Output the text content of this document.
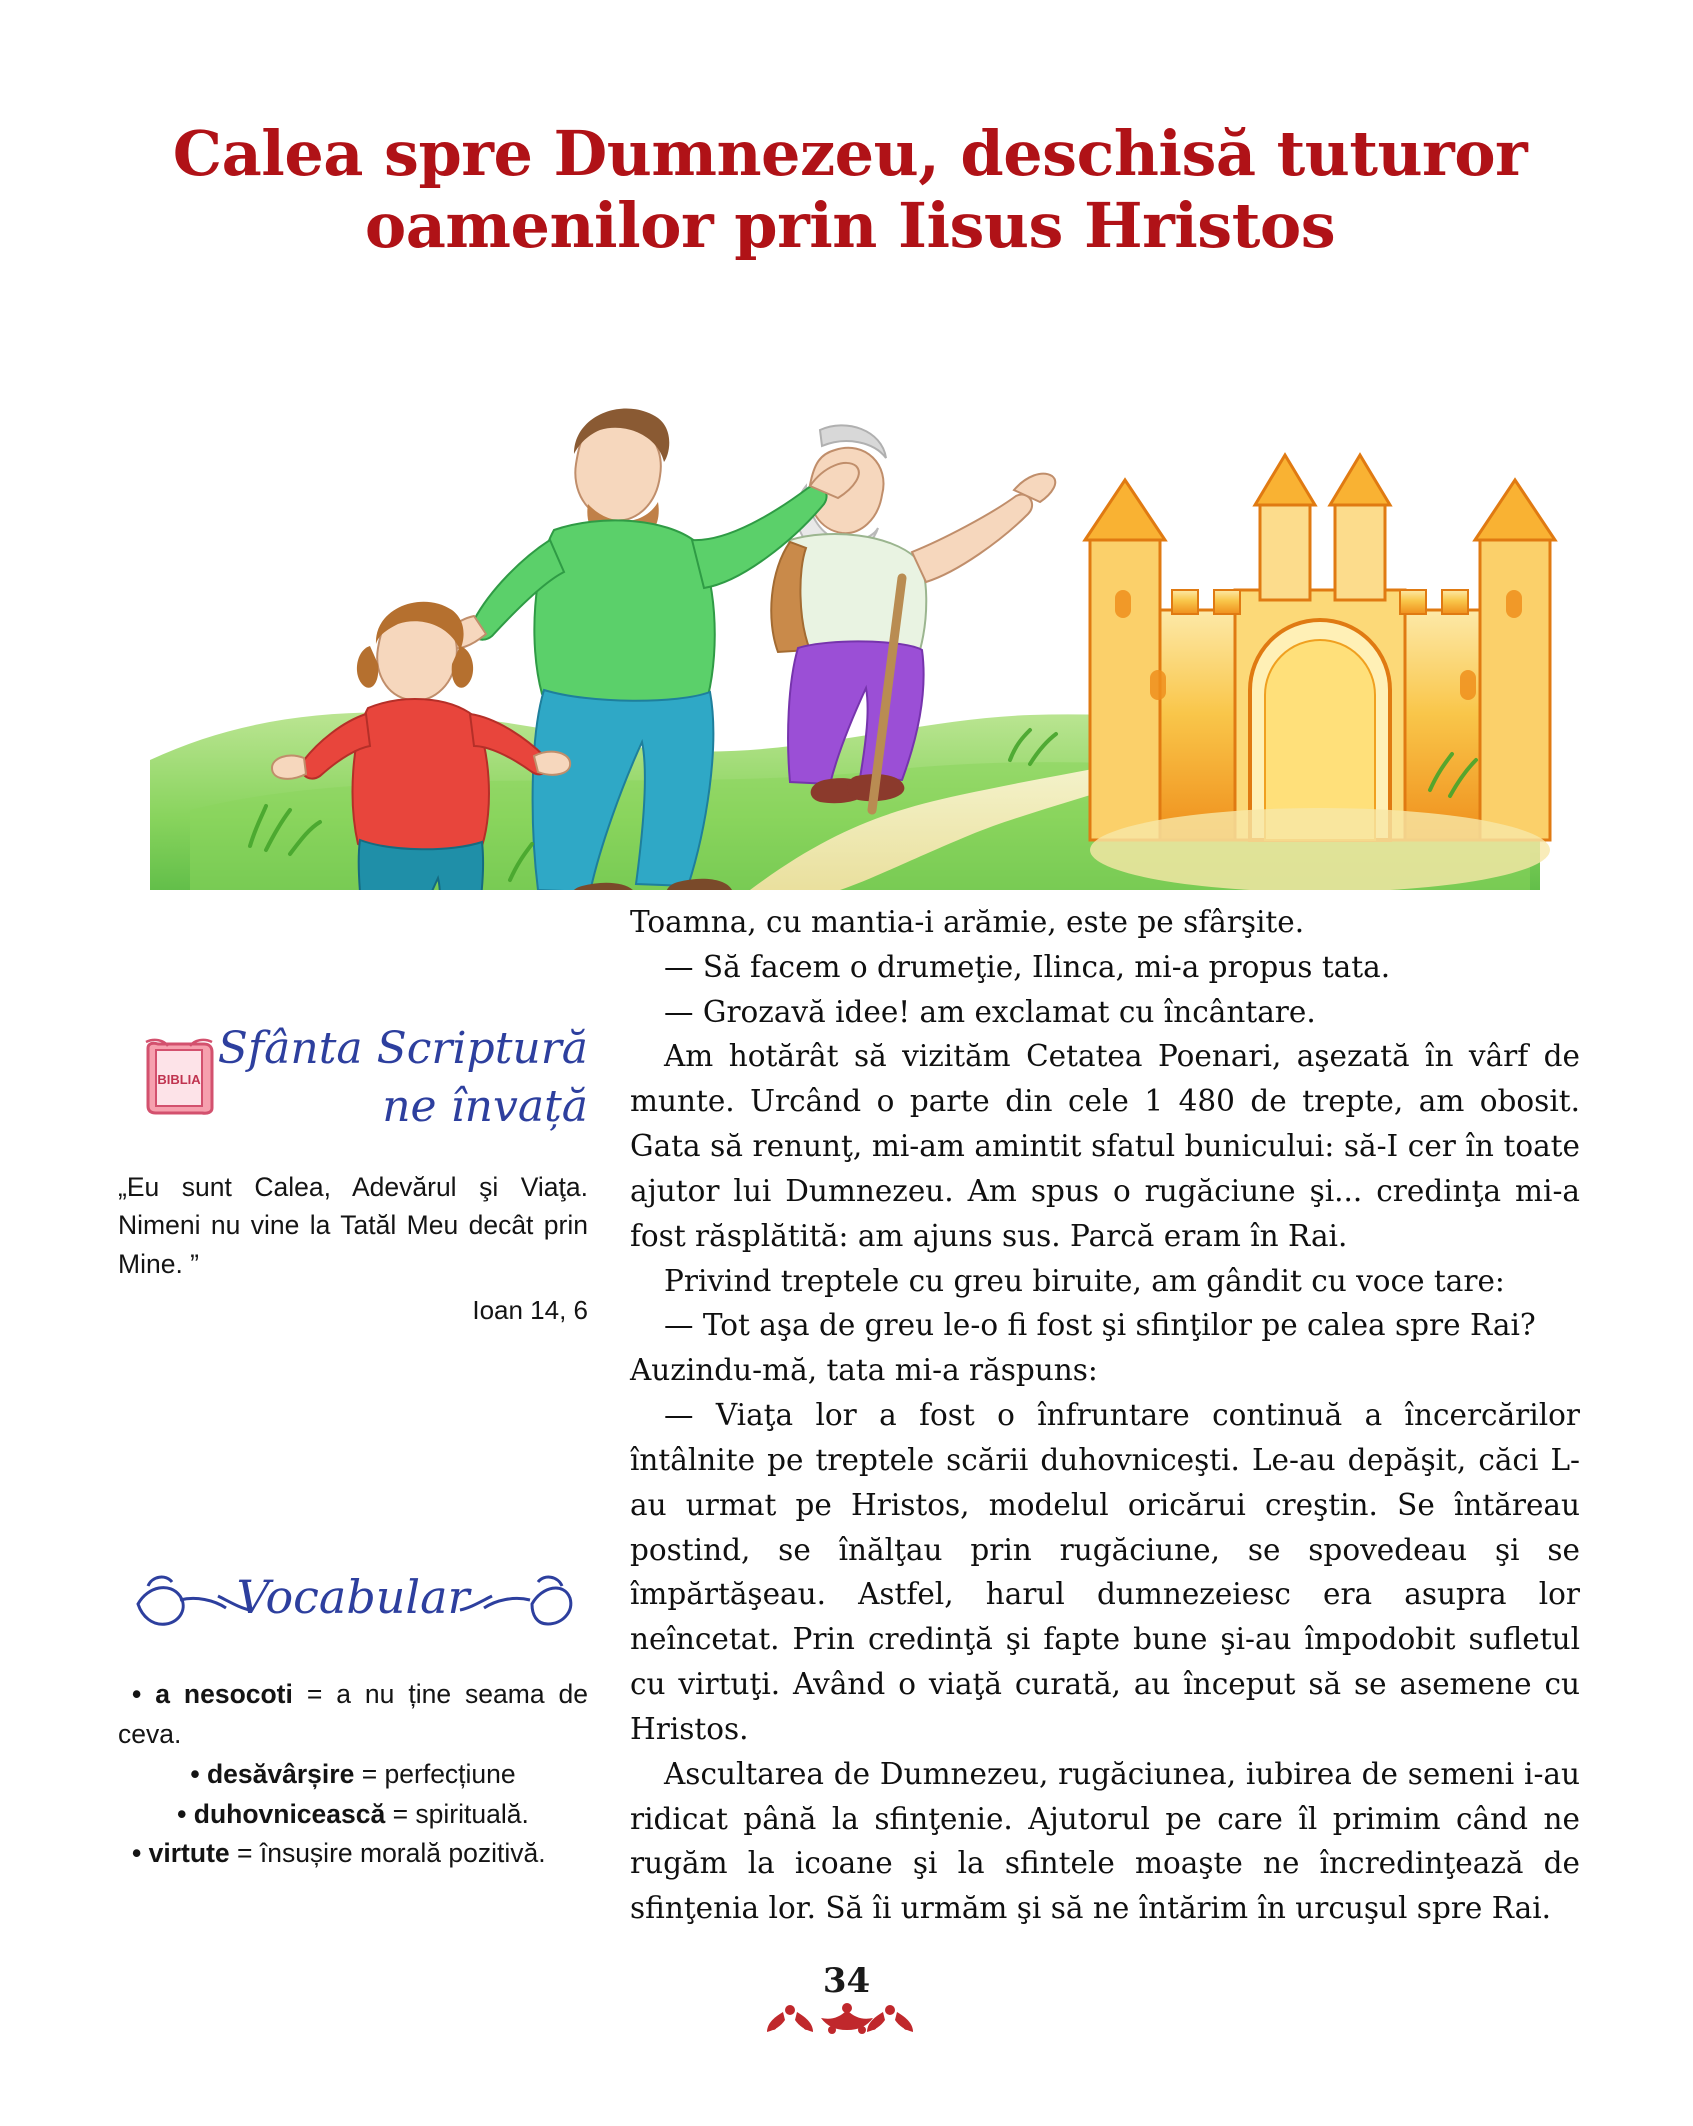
Calea spre Dumnezeu, deschisă tuturor
oamenilor prin Iisus Hristos
BIBLIA
Sfânta Scriptură
ne învață
„Eu sunt Calea, Adevărul şi Viaţa. Nimeni nu vine la Tatăl Meu decât prin Mine. ”
Ioan 14, 6
Vocabular
• a nesocoti = a nu ține seama de ceva.
• desăvârșire = perfecțiune
• duhovnicească = spirituală.
• virtute = însușire morală pozitivă.

Toamna, cu mantia-i arămie, este pe sfârşite.

— Să facem o drumeţie, Ilinca, mi-a propus tata.

— Grozavă idee! am exclamat cu încântare.

Am hotărât să vizităm Cetatea Poenari, aşezată în vârf de munte. Urcând o parte din cele 1 480 de trepte, am obosit. Gata să renunţ, mi-am amintit sfatul bunicului: să-I cer în toate ajutor lui Dumnezeu. Am spus o rugăciune şi... credinţa mi-a fost răsplătită: am ajuns sus. Parcă eram în Rai.

Privind treptele cu greu biruite, am gândit cu voce tare:

— Tot aşa de greu le-o fi fost şi sfinţilor pe calea spre Rai?

Auzindu-mă, tata mi-a răspuns:

— Viaţa lor a fost o înfruntare continuă a încercărilor întâlnite pe treptele scării duhovniceşti. Le-au depăşit, căci L-au urmat pe Hristos, modelul oricărui creştin. Se întăreau postind, se înălţau prin rugăciune, se spovedeau şi se împărtăşeau. Astfel, harul dumnezeiesc era asupra lor neîncetat. Prin credinţă şi fapte bune şi-au împodobit sufletul cu virtuţi. Având o viaţă curată, au început să se asemene cu Hristos.

Ascultarea de Dumnezeu, rugăciunea, iubirea de semeni i-au ridicat până la sfinţenie. Ajutorul pe care îl primim când ne rugăm la icoane şi la sfintele moaşte ne încredinţează de sfinţenia lor. Să îi urmăm şi să ne întărim în urcuşul spre Rai.

34
